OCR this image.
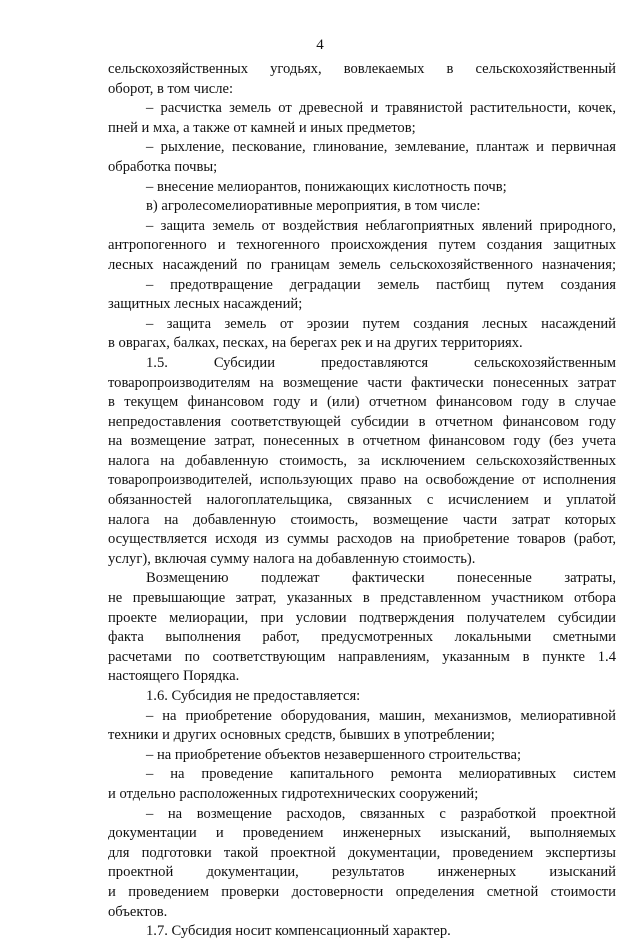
4
сельскохозяйственных угодьях, вовлекаемых в сельскохозяйственный
оборот, в том числе:
– расчистка земель от древесной и травянистой растительности, кочек,
пней и мха, а также от камней и иных предметов;
– рыхление, пескование, глинование, землевание, плантаж и первичная
обработка почвы;
– внесение мелиорантов, понижающих кислотность почв;
в) агролесомелиоративные мероприятия, в том числе:
– защита земель от воздействия неблагоприятных явлений природного,
антропогенного и техногенного происхождения путем создания защитных
лесных насаждений по границам земель сельскохозяйственного назначения;
– предотвращение деградации земель пастбищ путем создания
защитных лесных насаждений;
– защита земель от эрозии путем создания лесных насаждений
в оврагах, балках, песках, на берегах рек и на других территориях.
1.5. Субсидии предоставляются сельскохозяйственным
товаропроизводителям на возмещение части фактически понесенных затрат
в текущем финансовом году и (или) отчетном финансовом году в случае
непредоставления соответствующей субсидии в отчетном финансовом году
на возмещение затрат, понесенных в отчетном финансовом году (без учета
налога на добавленную стоимость, за исключением сельскохозяйственных
товаропроизводителей, использующих право на освобождение от исполнения
обязанностей налогоплательщика, связанных с исчислением и уплатой
налога на добавленную стоимость, возмещение части затрат которых
осуществляется исходя из суммы расходов на приобретение товаров (работ,
услуг), включая сумму налога на добавленную стоимость).
Возмещению подлежат фактически понесенные затраты,
не превышающие затрат, указанных в представленном участником отбора
проекте мелиорации, при условии подтверждения получателем субсидии
факта выполнения работ, предусмотренных локальными сметными
расчетами по соответствующим направлениям, указанным в пункте 1.4
настоящего Порядка.
1.6. Субсидия не предоставляется:
– на приобретение оборудования, машин, механизмов, мелиоративной
техники и других основных средств, бывших в употреблении;
– на приобретение объектов незавершенного строительства;
– на проведение капитального ремонта мелиоративных систем
и отдельно расположенных гидротехнических сооружений;
– на возмещение расходов, связанных с разработкой проектной
документации и проведением инженерных изысканий, выполняемых
для подготовки такой проектной документации, проведением экспертизы
проектной документации, результатов инженерных изысканий
и проведением проверки достоверности определения сметной стоимости
объектов.
1.7. Субсидия носит компенсационный характер.
